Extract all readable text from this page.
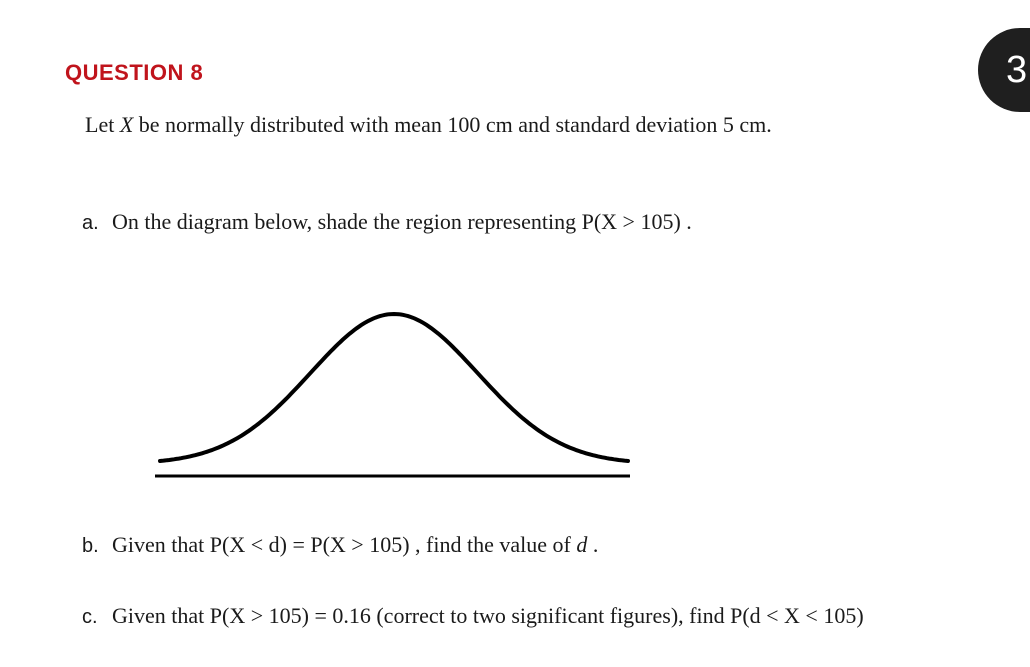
QUESTION 8	3

Let X be normally distributed with mean 100 cm and standard deviation 5 cm.

a. On the diagram below, shade the region representing P(X > 105) .

b. Given that P(X < d) = P(X > 105) , find the value of d .

c. Given that P(X > 105) = 0.16 (correct to two significant figures), find P(d < X < 105)
